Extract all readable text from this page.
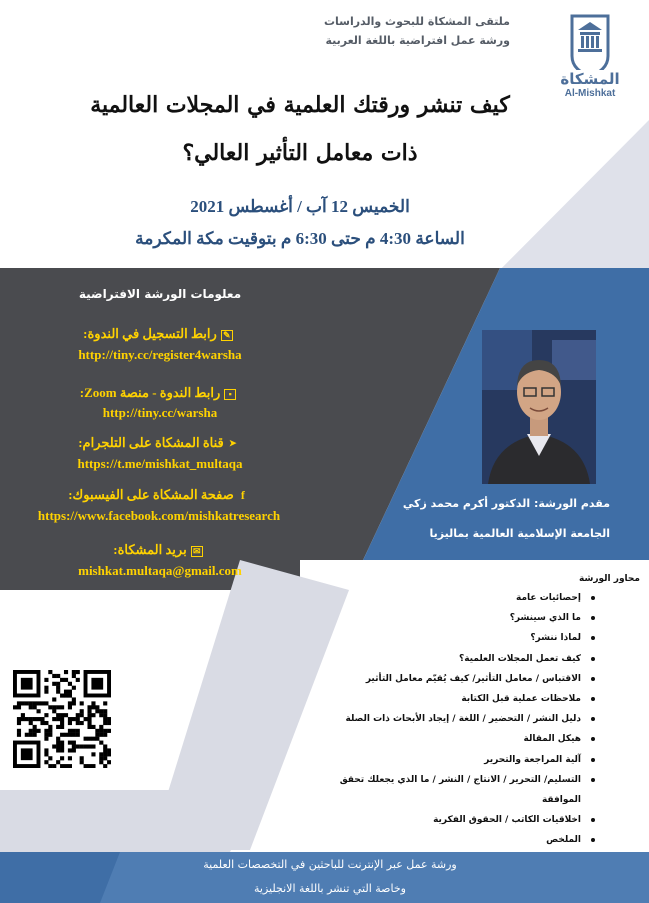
ملتقى المشكاة للبحوث والدراسات
ورشة عمل افتراضية باللغة العربية
المشكاة
Al-Mishkat
كيف تنشر ورقتك العلمية في المجلات العالمية
ذات معامل التأثير العالي؟
الخميس 12 آب / أغسطس 2021
الساعة 4:30 م حتى 6:30 م بتوقيت مكة المكرمة
معلومات الورشة الافتراضية
✎رابط التسجيل في الندوة:
http://tiny.cc/register4warsha
▪رابط الندوة - منصة Zoom:
http://tiny.cc/warsha
➤قناة المشكاة على التلجرام:
https://t.me/mishkat_multaqa
fصفحة المشكاة على الفيسبوك:
https://www.facebook.com/mishkatresearch
✉بريد المشكاة:
mishkat.multaqa@gmail.com
مقدم الورشة: الدكتور أكرم محمد زكي
الجامعة الإسلامية العالمية بماليزيا
محاور الورشة
إحصائيات عامة
ما الذي سينشر؟
لماذا ننشر؟
كيف تعمل المجلات العلمية؟
الاقتباس / معامل التأثير/ كيف يُقيّم معامل التأثير
ملاحظات عملية قبل الكتابة
دليل النشر / التحضير / اللغة / إيجاد الأبحاث ذات الصلة
هيكل المقالة
آلية المراجعة والتحرير
التسليم/ التحرير / الانتاج / النشر / ما الذي يجعلك تحقق الموافقة
اخلاقيات الكاتب / الحقوق الفكرية
الملخص
ورشة عمل عبر الإنترنت للباحثين في التخصصات العلمية
وخاصة التي تنشر باللغة الانجليزية
